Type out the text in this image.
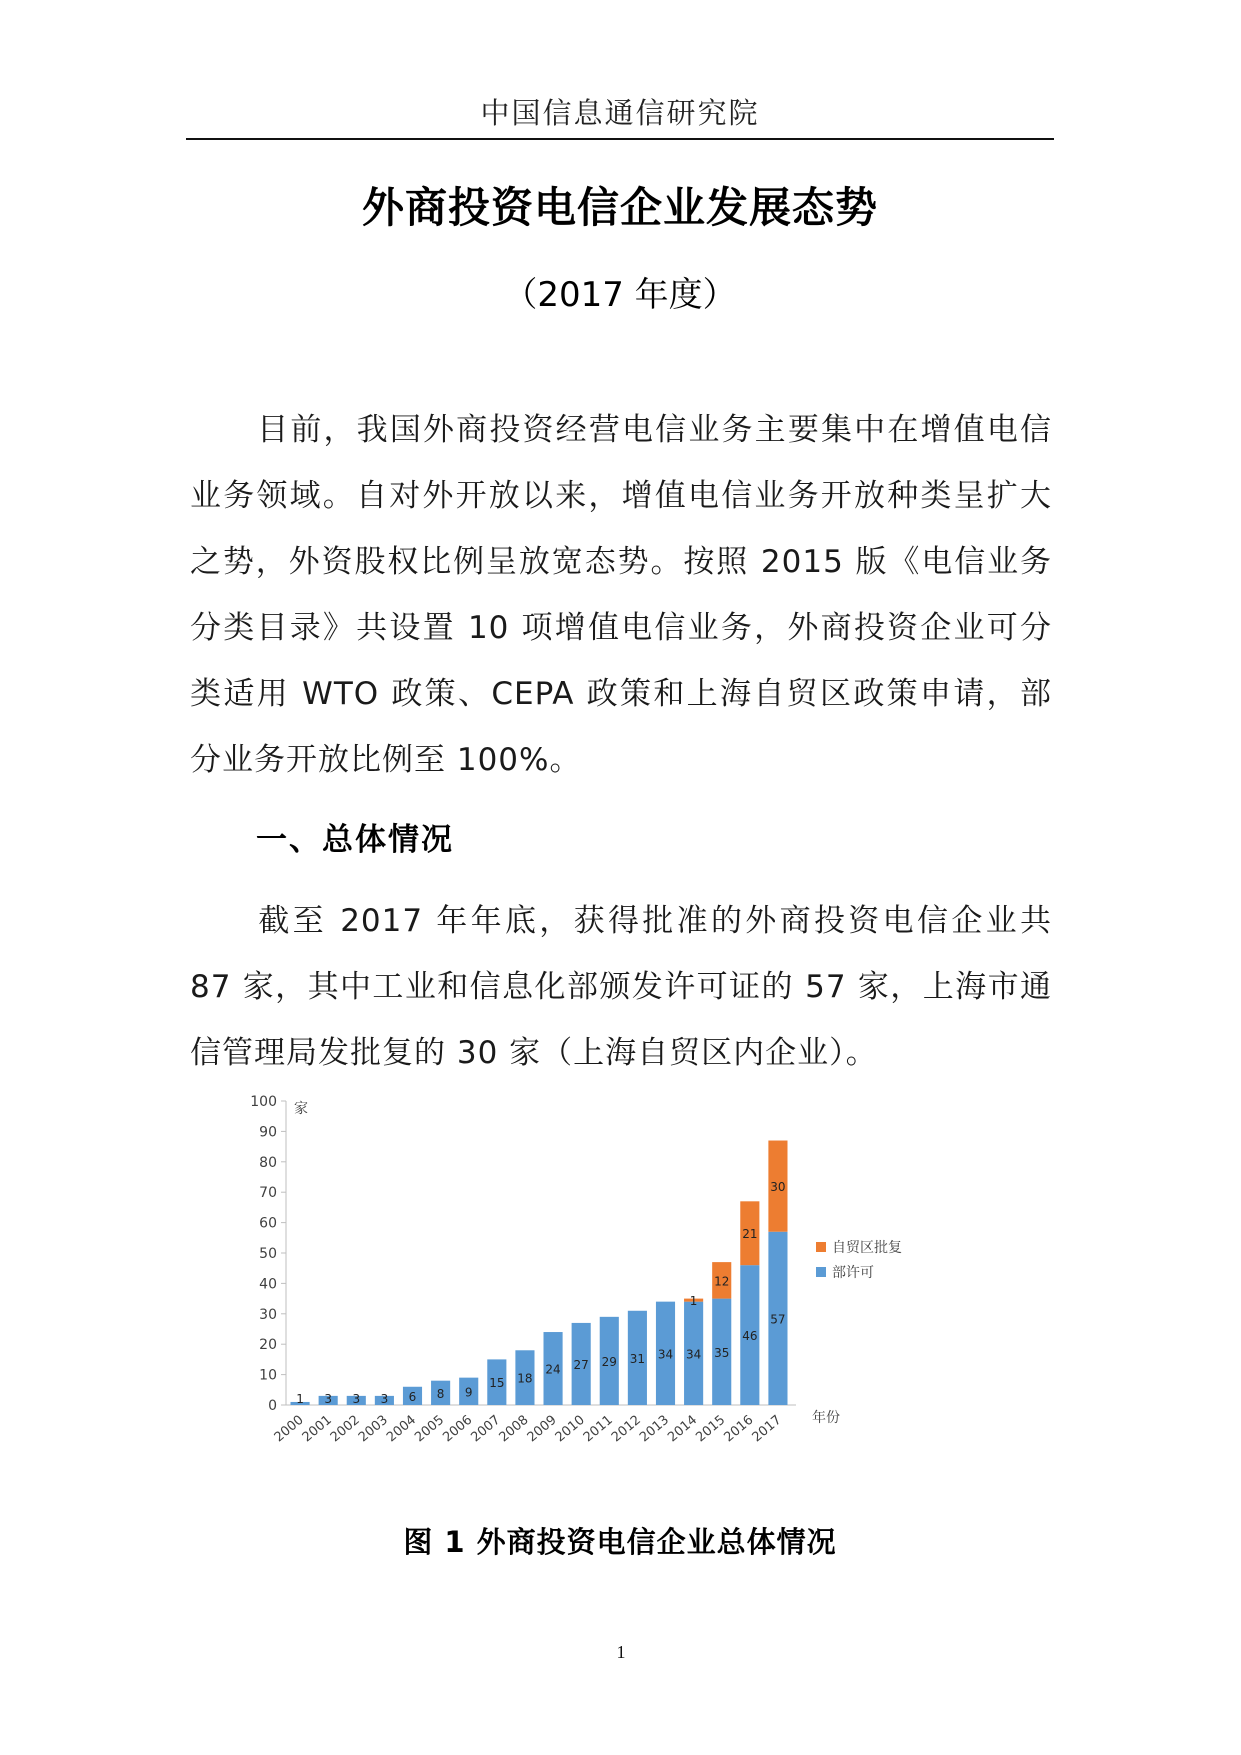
中国信息通信研究院
外商投资电信企业发展态势
（2017 年度）

目前，我国外商投资经营电信业务主要集中在增值电信业务领域。自对外开放以来，增值电信业务开放种类呈扩大之势，外资股权比例呈放宽态势。按照 2015 版《电信业务分类目录》共设置 10 项增值电信业务，外商投资企业可分类适用 WTO 政策、CEPA 政策和上海自贸区政策申请，部分业务开放比例至 100%。

一、总体情况

截至 2017 年年底，获得批准的外商投资电信企业共 87 家，其中工业和信息化部颁发许可证的 57 家，上海市通信管理局发批复的 30 家（上海自贸区内企业）。

0
10
20
30
40
50
60
70
80
90
100 家
年份
1
2000
3
2001
3
2002
3
2003
6
2004
8
2005
9
2006
15
2007
18
2008
24
2009
27
2010
29
2011
31
2012
34
2013
34
1
2014
35
12
2015
46
21
2016
57
30
2017
自贸区批复
部许可
图 1 外商投资电信企业总体情况
1
